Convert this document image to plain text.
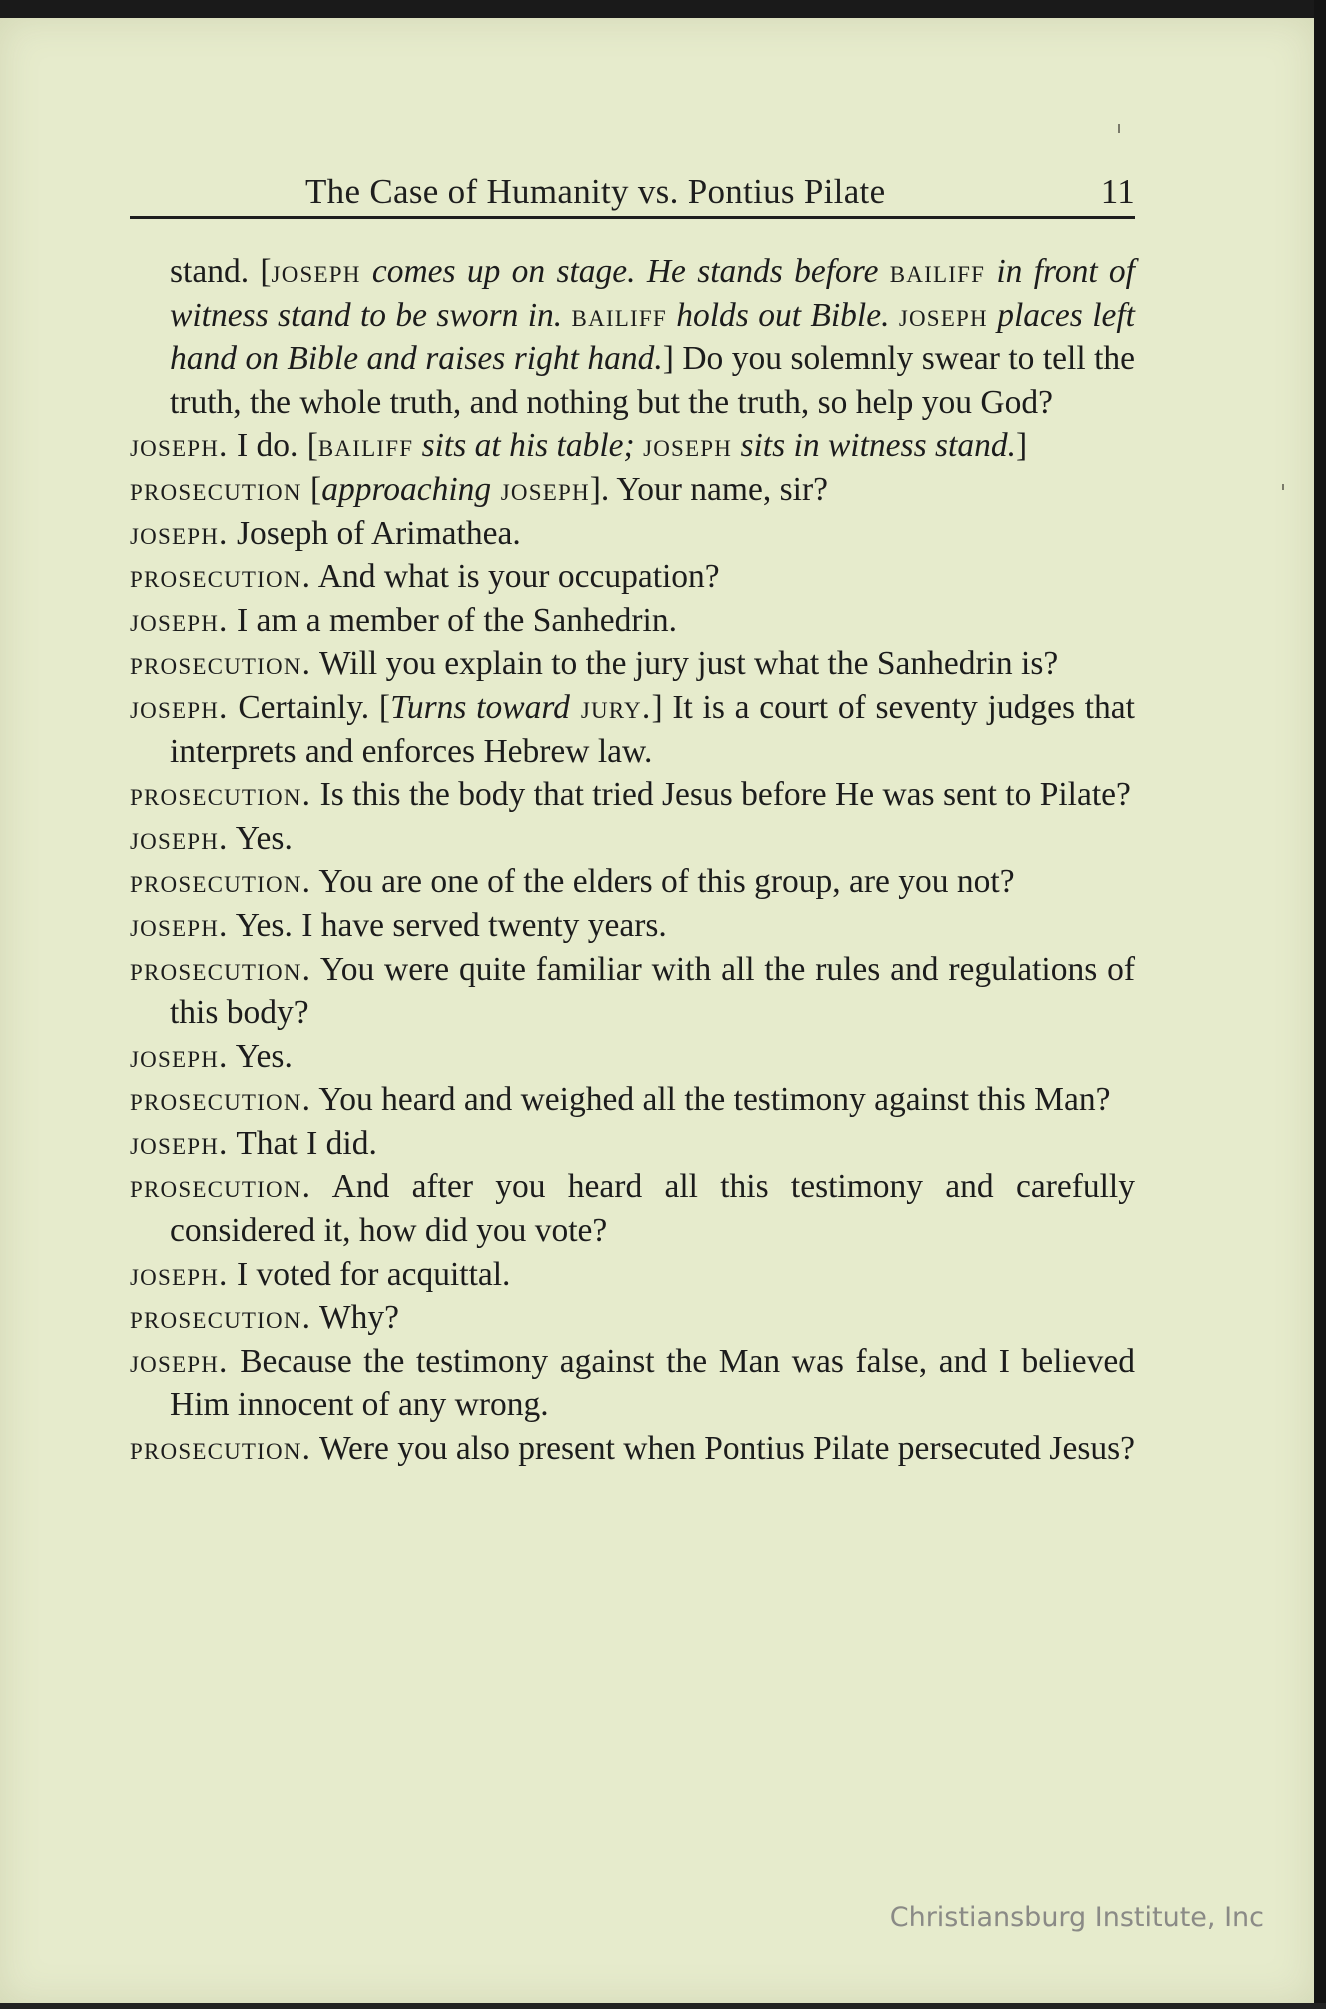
The Case of Humanity vs. Pontius Pilate	11

stand. [joseph comes up on stage. He stands before bailiff in front of witness stand to be sworn in. bailiff holds out Bible. joseph places left hand on Bible and raises right hand.] Do you solemnly swear to tell the truth, the whole truth, and nothing but the truth, so help you God?

joseph. I do. [bailiff sits at his table; joseph sits in witness stand.]

prosecution [approaching joseph]. Your name, sir?

joseph. Joseph of Arimathea.

prosecution. And what is your occupation?

joseph. I am a member of the Sanhedrin.

prosecution. Will you explain to the jury just what the Sanhedrin is?

joseph. Certainly. [Turns toward jury.] It is a court of seventy judges that interprets and enforces Hebrew law.

prosecution. Is this the body that tried Jesus before He was sent to Pilate?

joseph. Yes.

prosecution. You are one of the elders of this group, are you not?

joseph. Yes. I have served twenty years.

prosecution. You were quite familiar with all the rules and regulations of this body?

joseph. Yes.

prosecution. You heard and weighed all the testimony against this Man?

joseph. That I did.

prosecution. And after you heard all this testimony and carefully considered it, how did you vote?

joseph. I voted for acquittal.

prosecution. Why?

joseph. Because the testimony against the Man was false, and I believed Him innocent of any wrong.

prosecution. Were you also present when Pontius Pilate persecuted Jesus?

Christiansburg Institute, Inc
